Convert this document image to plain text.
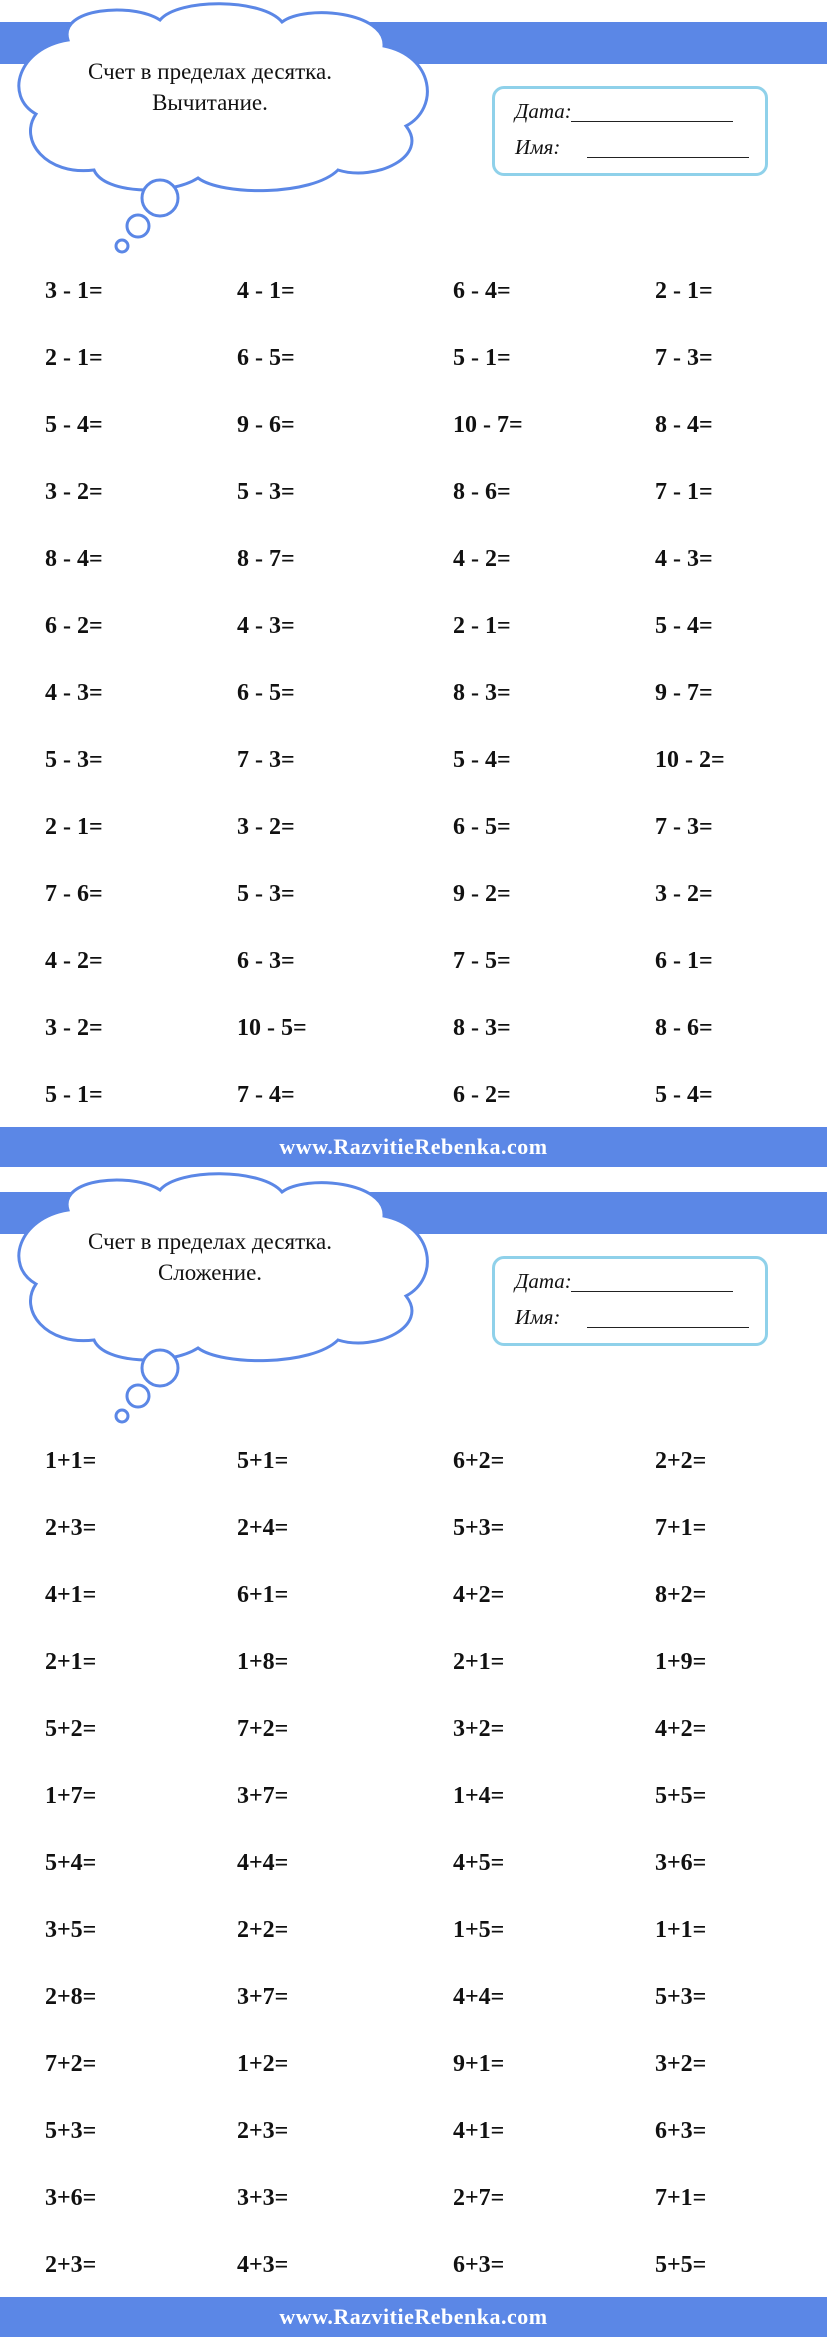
Счет в пределах десятка.
Вычитание.	Дата:
Имя:
3 - 1=	4 - 1=	6 - 4=	2 - 1=
2 - 1=	6 - 5=	5 - 1=	7 - 3=
5 - 4=	9 - 6=	10 - 7=	8 - 4=
3 - 2=	5 - 3=	8 - 6=	7 - 1=
8 - 4=	8 - 7=	4 - 2=	4 - 3=
6 - 2=	4 - 3=	2 - 1=	5 - 4=
4 - 3=	6 - 5=	8 - 3=	9 - 7=
5 - 3=	7 - 3=	5 - 4=	10 - 2=
2 - 1=	3 - 2=	6 - 5=	7 - 3=
7 - 6=	5 - 3=	9 - 2=	3 - 2=
4 - 2=	6 - 3=	7 - 5=	6 - 1=
3 - 2=	10 - 5=	8 - 3=	8 - 6=
5 - 1=	7 - 4=	6 - 2=	5 - 4=
www.RazvitieRebenka.com
Счет в пределах десятка.
Сложение.	Дата:
Имя:
1+1=	5+1=	6+2=	2+2=
2+3=	2+4=	5+3=	7+1=
4+1=	6+1=	4+2=	8+2=
2+1=	1+8=	2+1=	1+9=
5+2=	7+2=	3+2=	4+2=
1+7=	3+7=	1+4=	5+5=
5+4=	4+4=	4+5=	3+6=
3+5=	2+2=	1+5=	1+1=
2+8=	3+7=	4+4=	5+3=
7+2=	1+2=	9+1=	3+2=
5+3=	2+3=	4+1=	6+3=
3+6=	3+3=	2+7=	7+1=
2+3=	4+3=	6+3=	5+5=
www.RazvitieRebenka.com
